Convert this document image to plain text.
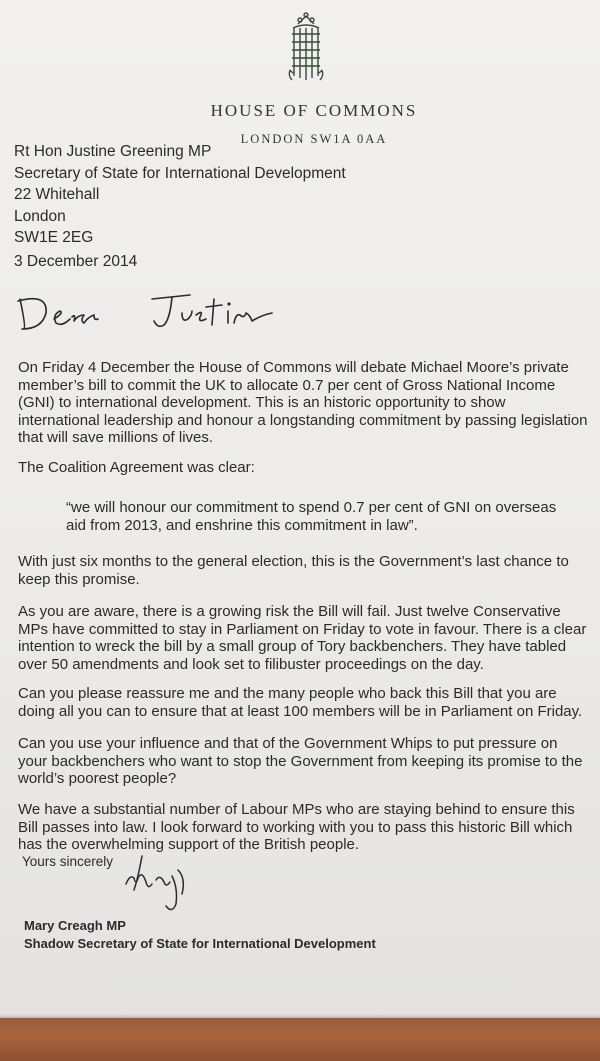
HOUSE OF COMMONS
LONDON SW1A 0AA
Rt Hon Justine Greening MP
Secretary of State for International Development
22 Whitehall
London
SW1E 2EG
3 December 2014
On Friday 4 December the House of Commons will debate Michael Moore’s private member’s bill to commit the UK to allocate 0.7 per cent of Gross National Income (GNI) to international development. This is an historic opportunity to show international leadership and honour a longstanding commitment by passing legislation that will save millions of lives.
The Coalition Agreement was clear:
“we will honour our commitment to spend 0.7 per cent of GNI on overseas aid from 2013, and enshrine this commitment in law”.
With just six months to the general election, this is the Government’s last chance to keep this promise.
As you are aware, there is a growing risk the Bill will fail. Just twelve Conservative MPs have committed to stay in Parliament on Friday to vote in favour. There is a clear intention to wreck the bill by a small group of Tory backbenchers. They have tabled over 50 amendments and look set to filibuster proceedings on the day.
Can you please reassure me and the many people who back this Bill that you are doing all you can to ensure that at least 100 members will be in Parliament on Friday.
Can you use your influence and that of the Government Whips to put pressure on your backbenchers who want to stop the Government from keeping its promise to the world’s poorest people?
We have a substantial number of Labour MPs who are staying behind to ensure this Bill passes into law. I look forward to working with you to pass this historic Bill which has the overwhelming support of the British people.
Yours sincerely
Mary Creagh MP
Shadow Secretary of State for International Development
